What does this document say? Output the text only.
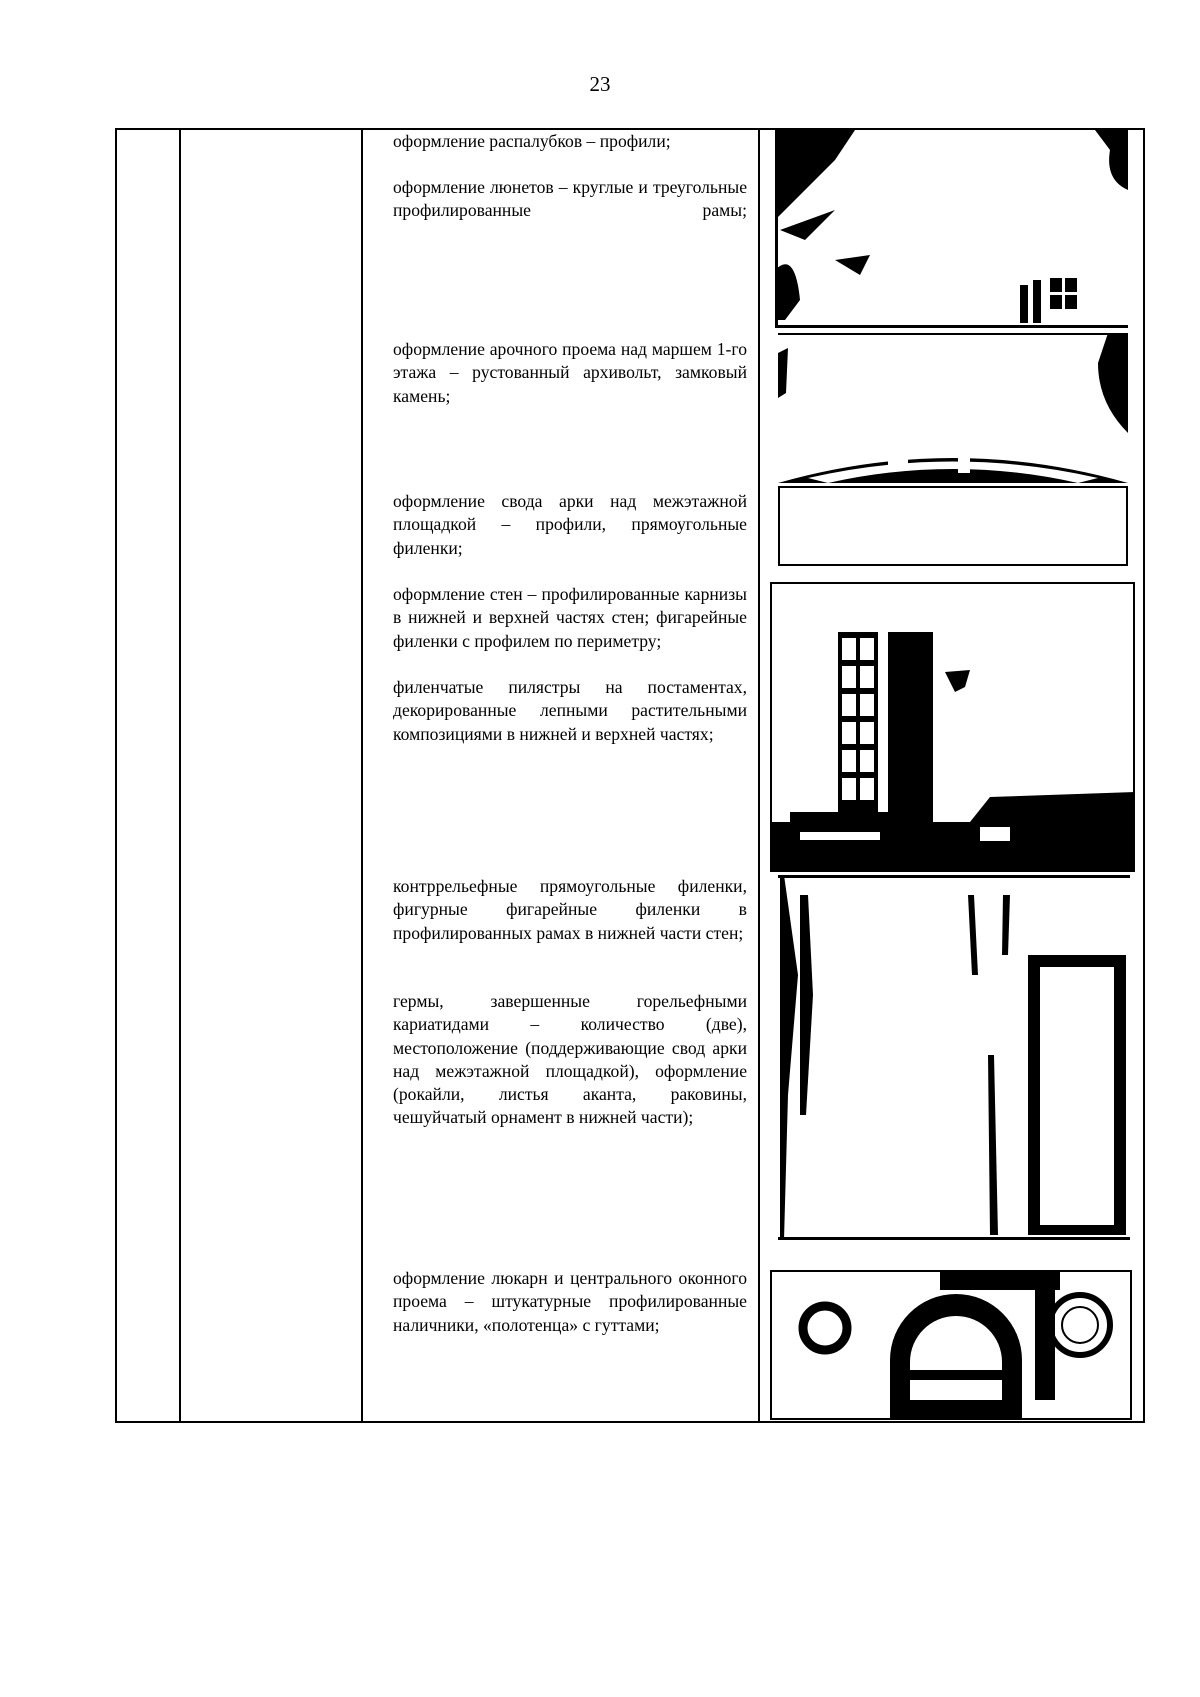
23
оформление распалубков – профили;
оформление люнетов – круглые и треугольные профилированные рамы;
оформление арочного проема над маршем 1-го этажа – рустованный архивольт, замковый камень;
оформление свода арки над межэтажной площадкой – профили, прямоугольные филенки;
оформление стен – профилированные карнизы в нижней и верхней частях стен; фигарейные филенки с профилем по периметру;
филенчатые пилястры на постаментах, декорированные лепными растительными композициями в нижней и верхней частях;
контррельефные прямоугольные филенки, фигурные фигарейные филенки в профилированных рамах в нижней части стен;
гермы, завершенные горельефными кариатидами – количество (две), местоположение (поддерживающие свод арки над межэтажной площадкой), оформление (рокайли, листья аканта, раковины, чешуйчатый орнамент в нижней части);
оформление люкарн и центрального оконного проема – штукатурные профилированные наличники, «полотенца» с гуттами;
